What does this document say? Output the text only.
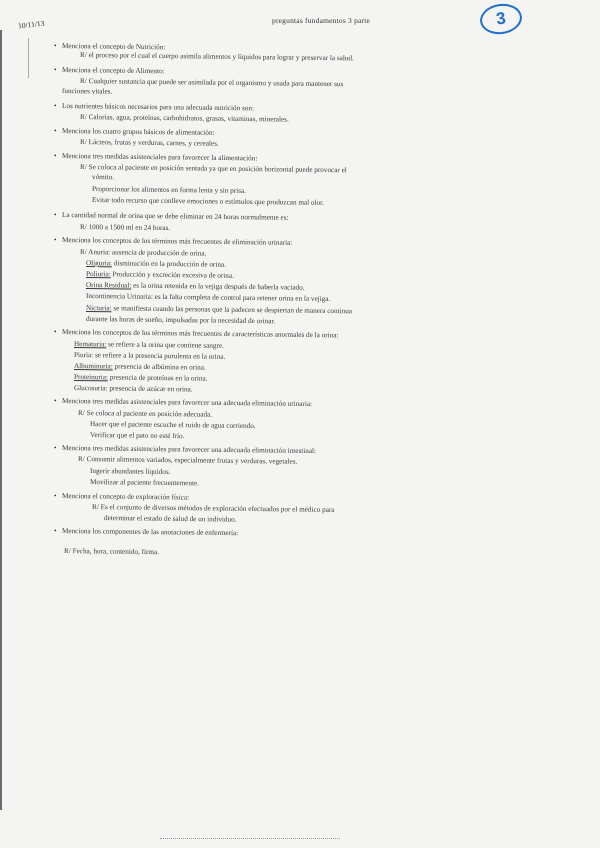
10/11/13	preguntas fundamentos 3 parte	3
• Menciona el concepto de Nutrición:
R/ el proceso por el cual el cuerpo asimila alimentos y líquidos para lograr y preservar la salud.
• Menciona el concepto de Alimento:
R/ Cualquier sustancia que puede ser asimilada por el organismo y usada para mantener sus
funciones vitales.
• Los nutrientes básicos necesarios para una adecuada nutrición son:
R/ Calorías, agua, proteínas, carbohidratos, grasas, vitaminas, minerales.
• Menciona los cuatro grupos básicos de alimentación:
R/ Lácteos, frutas y verduras, carnes, y cereales.
• Menciona tres medidas asistenciales para favorecer la alimentación:
R/ Se coloca al paciente en posición sentada ya que en posición horizontal puede provocar el
vómito.
Proporcionar los alimentos en forma lenta y sin prisa.
Evitar todo recurso que conlleve emociones o estímulos que produzcan mal olor.
• La cantidad normal de orina que se debe eliminar en 24 horas normalmente es:
R/ 1000 a 1500 ml en 24 horas.
• Menciona los conceptos de los términos más frecuentes de eliminación urinaria:
R/ Anuria: ausencia de producción de orina.
Oliguria: disminución en la producción de orina.
Poliuria: Producción y excreción excesiva de orina.
Orina Residual: es la orina retenida en la vejiga después de haberla vaciado.
Incontinencia Urinaria: es la falta completa de control para retener orina en la vejiga.
Nicturia: se manifiesta cuando las personas que la padecen se despiertan de manera continua
durante las horas de sueño, impulsadas por la necesidad de orinar.
• Menciona los conceptos de los términos más frecuentes de características anormales de la orina:
Hematuria: se refiere a la orina que contiene sangre.
Piuria: se refiere a la presencia purulenta en la orina.
Albuminuria: presencia de albúmina en orina.
Proteinuria: presencia de proteínas en la orina.
Glucosuria: presencia de azúcar en orina.
• Menciona tres medidas asistenciales para favorecer una adecuada eliminación urinaria:
R/ Se coloca al paciente en posición adecuada.
Hacer que el paciente escuche el ruido de agua corriendo.
Verificar que el pato no esté frío.
• Menciona tres medidas asistenciales para favorecer una adecuada eliminación intestinal:
R/ Consumir alimentos variados, especialmente frutas y verduras, vegetales.
Ingerir abundantes líquidos.
Movilizar al paciente frecuentemente.
• Menciona el concepto de exploración física:
R/ Es el conjunto de diversos métodos de exploración efectuados por el médico para
determinar el estado de salud de un individuo.
• Menciona los componentes de las anotaciones de enfermería:
R/ Fecha, hora, contenido, firma.
